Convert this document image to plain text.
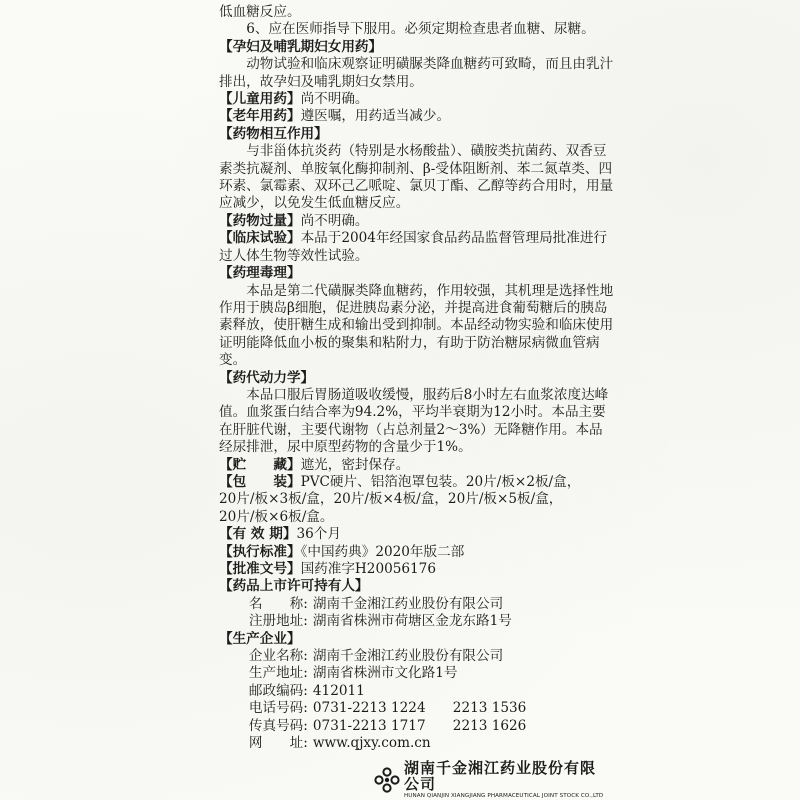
低血糖反应。

6、应在医师指导下服用。必须定期检查患者血糖、尿糖。

【孕妇及哺乳期妇女用药】

动物试验和临床观察证明磺脲类降血糖药可致畸，而且由乳汁排出，故孕妇及哺乳期妇女禁用。

【儿童用药】尚不明确。

【老年用药】遵医嘱，用药适当减少。

【药物相互作用】

与非甾体抗炎药（特别是水杨酸盐）、磺胺类抗菌药、双香豆素类抗凝剂、单胺氧化酶抑制剂、β-受体阻断剂、苯二氮䓬类、四环素、氯霉素、双环己乙哌啶、氯贝丁酯、乙醇等药合用时，用量应减少，以免发生低血糖反应。

【药物过量】尚不明确。

【临床试验】本品于2004年经国家食品药品监督管理局批准进行过人体生物等效性试验。

【药理毒理】

本品是第二代磺脲类降血糖药，作用较强，其机理是选择性地作用于胰岛β细胞，促进胰岛素分泌，并提高进食葡萄糖后的胰岛素释放，使肝糖生成和输出受到抑制。本品经动物实验和临床使用证明能降低血小板的聚集和粘附力，有助于防治糖尿病微血管病变。

【药代动力学】

本品口服后胃肠道吸收缓慢，服药后8小时左右血浆浓度达峰值。血浆蛋白结合率为94.2%，平均半衰期为12小时。本品主要在肝脏代谢，主要代谢物（占总剂量2～3%）无降糖作用。本品经尿排泄，尿中原型药物的含量少于1%。

【贮　　藏】遮光，密封保存。

【包　　装】PVC硬片、铝箔泡罩包装。20片/板×2板/盒，

20片/板×3板/盒，20片/板×4板/盒，20片/板×5板/盒，

20片/板×6板/盒。

【有 效 期】36个月

【执行标准】《中国药典》2020年版二部

【批准文号】国药准字H20056176

【药品上市许可持有人】

名　　称: 湖南千金湘江药业股份有限公司

注册地址: 湖南省株洲市荷塘区金龙东路1号

【生产企业】

企业名称: 湖南千金湘江药业股份有限公司

生产地址: 湖南省株洲市文化路1号

邮政编码: 412011

电话号码: 0731-2213 1224　　2213 1536

传真号码: 0731-2213 1717　　2213 1626

网　　址: www.qjxy.com.cn

湖南千金湘江药业股份有限公司
HUNAN QIANJIN XIANGJIANG PHARMACEUTICAL JOINT STOCK CO.,LTD
